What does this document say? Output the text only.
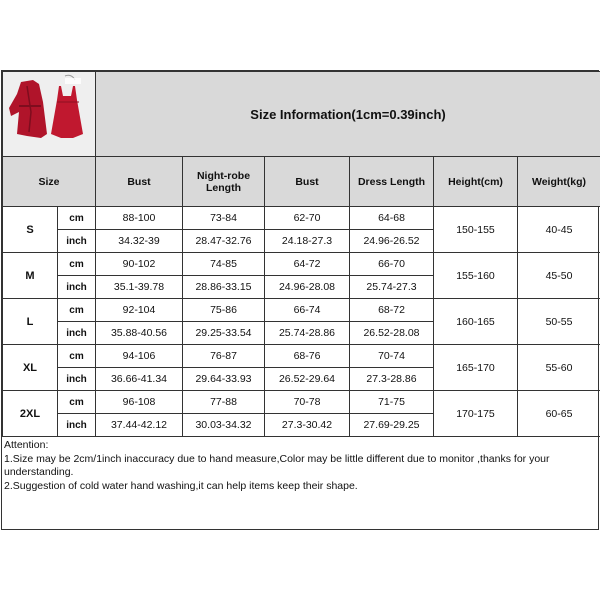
	Size Information(1cm=0.39inch)					
Size		Bust	Night-robe Length	Bust	Dress Length	Height(cm)	Weight(kg)
S	cm	88-100	73-84	62-70	64-68	150-155	40-45
	inch	34.32-39	28.47-32.76	24.18-27.3	24.96-26.52		
M	cm	90-102	74-85	64-72	66-70	155-160	45-50
	inch	35.1-39.78	28.86-33.15	24.96-28.08	25.74-27.3		
L	cm	92-104	75-86	66-74	68-72	160-165	50-55
	inch	35.88-40.56	29.25-33.54	25.74-28.86	26.52-28.08		
XL	cm	94-106	76-87	68-76	70-74	165-170	55-60
	inch	36.66-41.34	29.64-33.93	26.52-29.64	27.3-28.86		
2XL	cm	96-108	77-88	70-78	71-75	170-175	60-65
	inch	37.44-42.12	30.03-34.32	27.3-30.42	27.69-29.25		
Attention:
1.Size may be 2cm/1inch inaccuracy due to hand measure,Color may be little different due to monitor ,thanks for your understanding.
2.Suggestion of cold water hand washing,it can help items keep their shape.
